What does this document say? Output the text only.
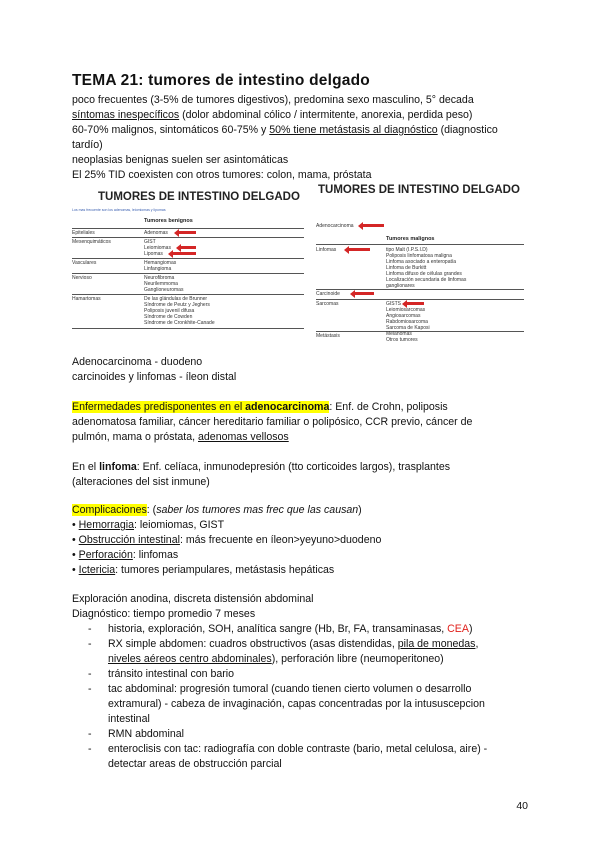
TEMA 21: tumores de intestino delgado
poco frecuentes (3-5% de tumores digestivos), predomina sexo masculino, 5° decada
síntomas inespecíficos (dolor abdominal cólico / intermitente, anorexia, perdida peso)
60-70% malignos, sintomáticos 60-75% y 50% tiene metástasis al diagnóstico (diagnostico
tardío)
neoplasias benignas suelen ser asintomáticas
El 25% TID coexisten con otros tumores: colon, mama, próstata
TUMORES DE INTESTINO DELGADO
Los mas frecuente son los adenomas, leiomiomas y lipomas
Tumores benignos
Epiteliales	Adenomas
Mesenquimáticos	GIST
Leiomiomas
Lipomas
Vasculares	Hemangiomas
Linfangioma
Nervioso	Neurofibroma
Neurilemmoma
Ganglioneuromas
Hamartomas	De las glándulas de Brunner
Síndrome de Peutz y Jeghers
Poliposis juvenil difusa
Síndrome de Cowden
Síndrome de Cronkhite-Canade
TUMORES DE INTESTINO DELGADO
Tumores malignos
Adenocarcinoma
Linfomas	tipo Malt (I.P.S.I.D)
Poliposis linfomatosa maligna
Linfoma asociado a enteropatía
Linfoma de Burkitt
Linfoma difuso de células grandes
Localización secundaria de linfomas
ganglionares
Carcinoide
Sarcomas	GISTS
Leiomiosarcomas
Angiosarcomas
Rabdomiosarcoma
Sarcoma de Kaposi
Metástasis	Melanomas
Otros tumores
Adenocarcinoma - duodeno
carcinoides y linfomas - íleon distal
Enfermedades predisponentes en el adenocarcinoma: Enf. de Crohn, poliposis
adenomatosa familiar, cáncer hereditario familiar o polipósico, CCR previo, cáncer de
pulmón, mama o próstata, adenomas vellosos
En el linfoma: Enf. celíaca, inmunodepresión (tto corticoides largos), trasplantes
(alteraciones del sist inmune)
Complicaciones: (saber los tumores mas frec que las causan)
• Hemorragia: leiomiomas, GIST
• Obstrucción intestinal: más frecuente en íleon>yeyuno>duodeno
• Perforación: linfomas
• Ictericia: tumores periampulares, metástasis hepáticas
Exploración anodina, discreta distensión abdominal
Diagnóstico: tiempo promedio 7 meses
- historia, exploración, SOH, analítica sangre (Hb, Br, FA, transaminasas, CEA)
- RX simple abdomen: cuadros obstructivos (asas distendidas, pila de monedas,
niveles aéreos centro abdominales), perforación libre (neumoperitoneo)
- tránsito intestinal con bario
- tac abdominal: progresión tumoral (cuando tienen cierto volumen o desarrollo
extramural) - cabeza de invaginación, capas concentradas por la intususcepcion
intestinal
- RMN abdominal
- enteroclisis con tac: radiografía con doble contraste (bario, metal celulosa, aire) -
detectar areas de obstrucción parcial
40
